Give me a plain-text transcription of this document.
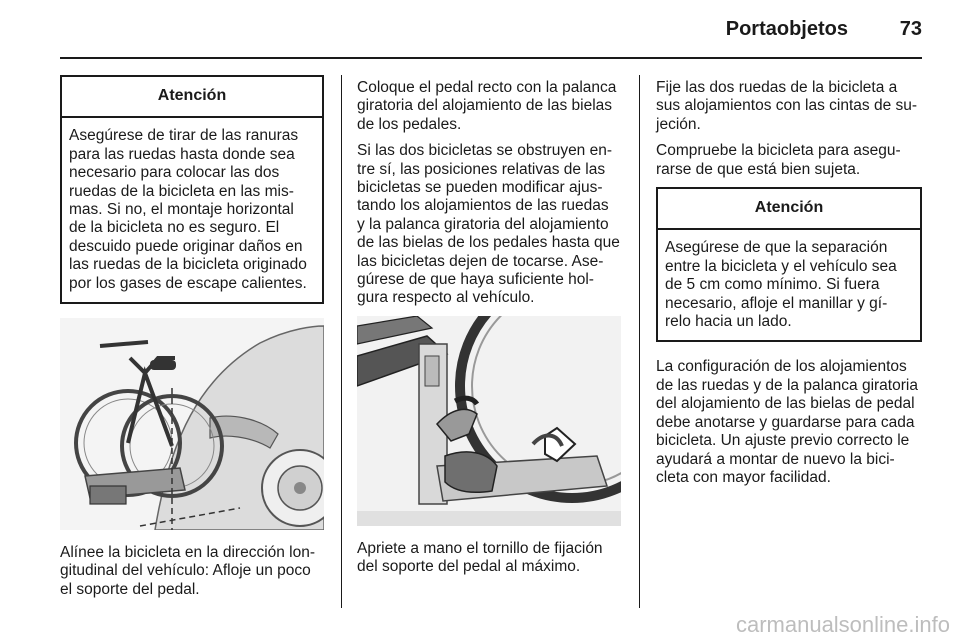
Portaobjetos	73
Atención
Asegúrese de tirar de las ranuras
para las ruedas hasta donde sea
necesario para colocar las dos
ruedas de la bicicleta en las mis-
mas. Si no, el montaje horizontal
de la bicicleta no es seguro. El
descuido puede originar daños en
las ruedas de la bicicleta originado
por los gases de escape calientes.
Alínee la bicicleta en la dirección lon-
gitudinal del vehículo: Afloje un poco
el soporte del pedal.

Coloque el pedal recto con la palanca
giratoria del alojamiento de las bielas
de los pedales.

Si las dos bicicletas se obstruyen en-
tre sí, las posiciones relativas de las
bicicletas se pueden modificar ajus-
tando los alojamientos de las ruedas
y la palanca giratoria del alojamiento
de las bielas de los pedales hasta que
las bicicletas dejen de tocarse. Ase-
gúrese de que haya suficiente hol-
gura respecto al vehículo.

Apriete a mano el tornillo de fijación
del soporte del pedal al máximo.

Fije las dos ruedas de la bicicleta a
sus alojamientos con las cintas de su-
jeción.

Compruebe la bicicleta para asegu-
rarse de que está bien sujeta.

Atención
Asegúrese de que la separación
entre la bicicleta y el vehículo sea
de 5 cm como mínimo. Si fuera
necesario, afloje el manillar y gí-
relo hacia un lado.

La configuración de los alojamientos
de las ruedas y de la palanca giratoria
del alojamiento de las bielas de pedal
debe anotarse y guardarse para cada
bicicleta. Un ajuste previo correcto le
ayudará a montar de nuevo la bici-
cleta con mayor facilidad.

carmanualsonline.info
